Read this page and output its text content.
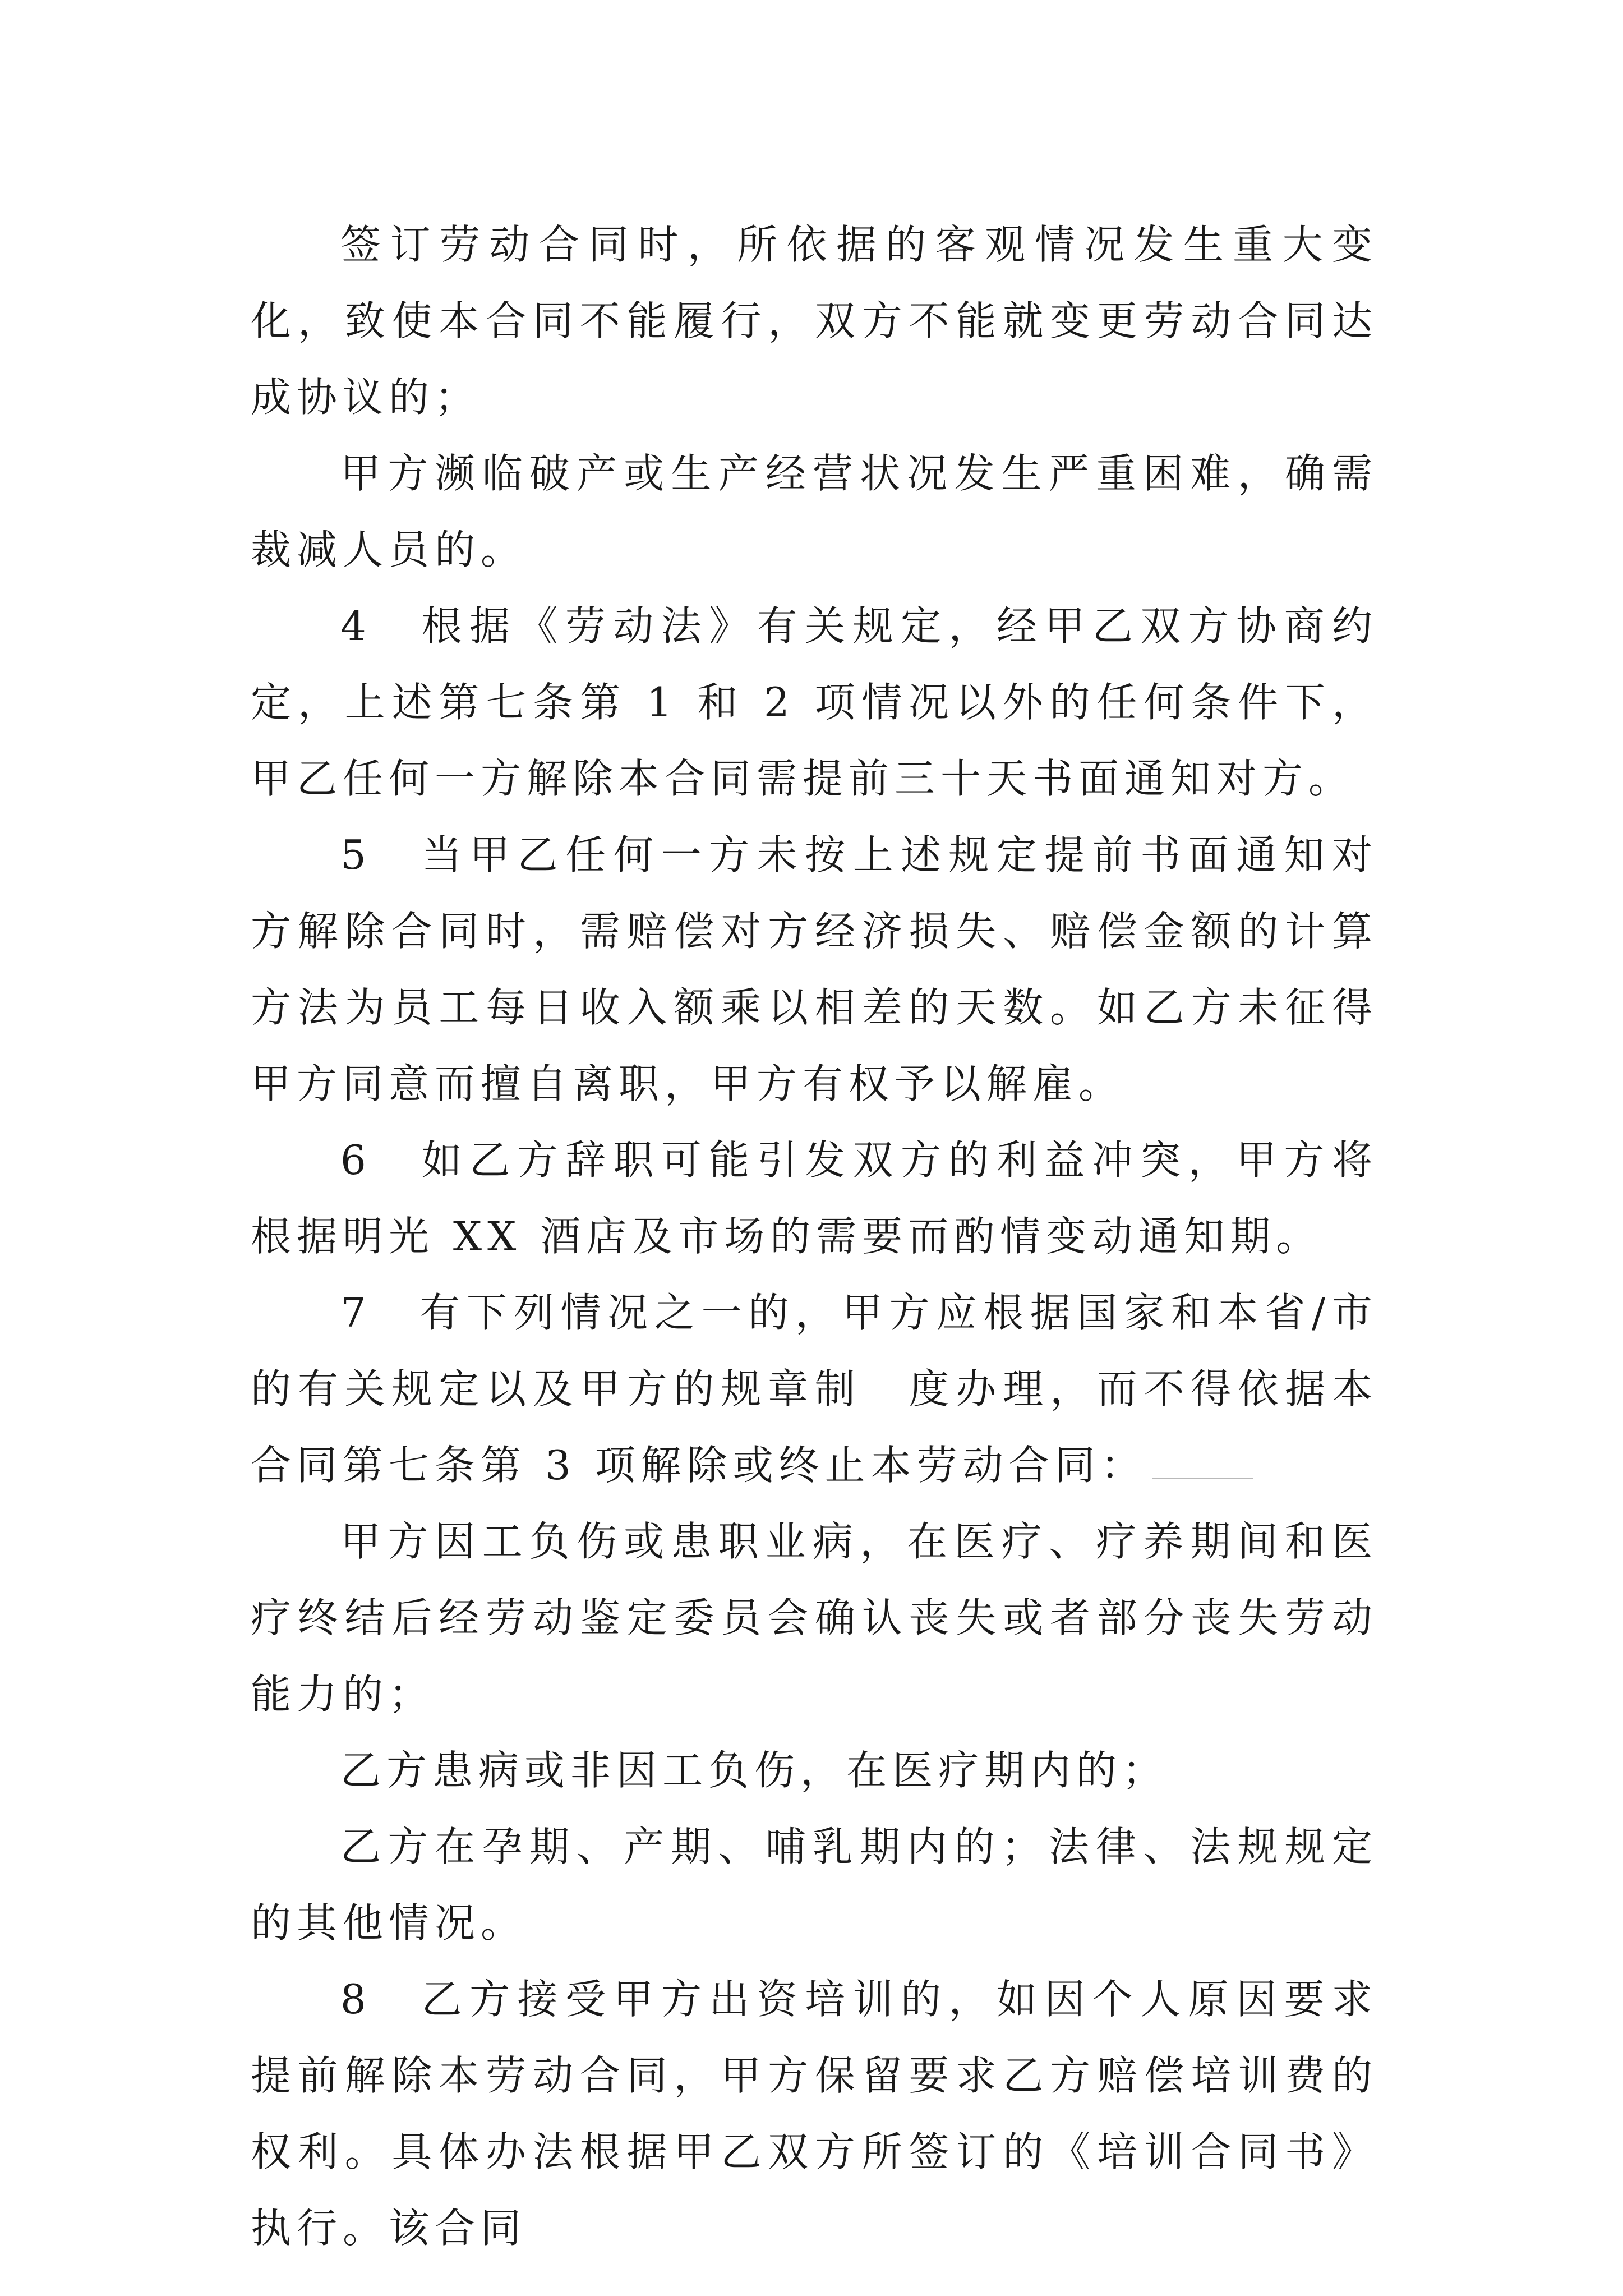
签订劳动合同时，所依据的客观情况发生重大变化，致使本合同不能履行，双方不能就变更劳动合同达成协议的；

甲方濒临破产或生产经营状况发生严重困难，确需裁减人员的。

4　根据《劳动法》有关规定，经甲乙双方协商约定，上述第七条第 1 和 2 项情况以外的任何条件下，甲乙任何一方解除本合同需提前三十天书面通知对方。

5　当甲乙任何一方未按上述规定提前书面通知对方解除合同时，需赔偿对方经济损失、赔偿金额的计算方法为员工每日收入额乘以相差的天数。如乙方未征得　甲方同意而擅自离职，甲方有权予以解雇。

6　如乙方辞职可能引发双方的利益冲突，甲方将根据明光 XX 酒店及市场的需要而酌情变动通知期。

7　有下列情况之一的，甲方应根据国家和本省/市的有关规定以及甲方的规章制　度办理，而不得依据本合同第七条第 3 项解除或终止本劳动合同：

甲方因工负伤或患职业病，在医疗、疗养期间和医疗终结后经劳动鉴定委员会确认丧失或者部分丧失劳动能力的；

乙方患病或非因工负伤，在医疗期内的；

乙方在孕期、产期、哺乳期内的；法律、法规规定的其他情况。

8　乙方接受甲方出资培训的，如因个人原因要求提前解除本劳动合同，甲方保留要求乙方赔偿培训费的权利。具体办法根据甲乙双方所签订的《培训合同书》执行。该合同
